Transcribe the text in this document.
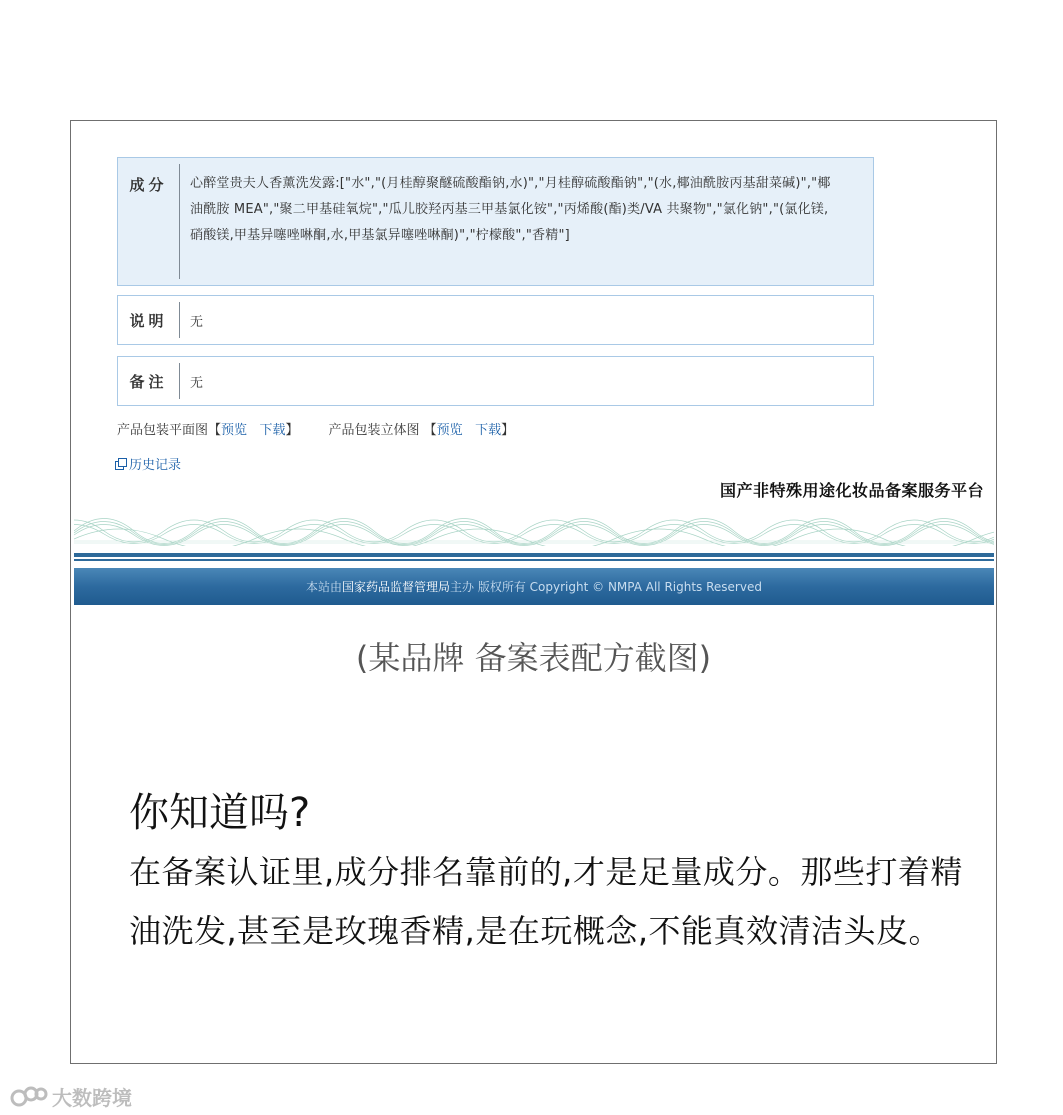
成分	心醉堂贵夫人香薰洗发露:["水","(月桂醇聚醚硫酸酯钠,水)","月桂醇硫酸酯钠","(水,椰油酰胺丙基甜菜碱)","椰油酰胺 MEA","聚二甲基硅氧烷","瓜儿胶羟丙基三甲基氯化铵","丙烯酸(酯)类/VA 共聚物","氯化钠","(氯化镁,硝酸镁,甲基异噻唑啉酮,水,甲基氯异噻唑啉酮)","柠檬酸","香精"]
说明	无
备注	无
产品包装平面图【预览 下载】 产品包装立体图 【预览 下载】
历史记录
国产非特殊用途化妆品备案服务平台
本站由 国家药品监督管理局 主办 版权所有 Copyright © NMPA All Rights Reserved
(某品牌 备案表配方截图)
你知道吗?
在备案认证里,成分排名靠前的,才是足量成分。那些打着精油洗发,甚至是玫瑰香精,是在玩概念,不能真效清洁头皮。
大数跨境
